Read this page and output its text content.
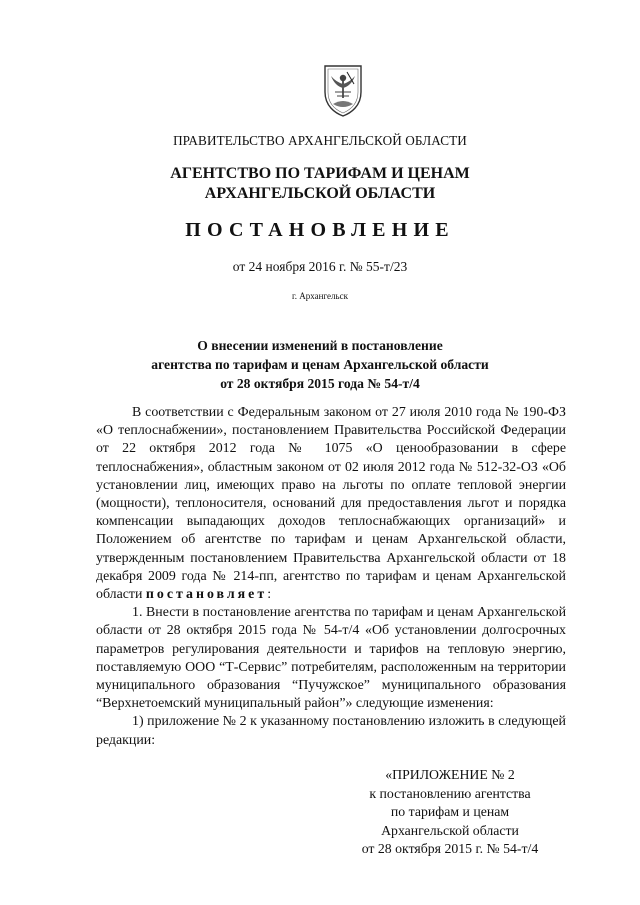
ПРАВИТЕЛЬСТВО АРХАНГЕЛЬСКОЙ ОБЛАСТИ
АГЕНТСТВО ПО ТАРИФАМ И ЦЕНАМ
АРХАНГЕЛЬСКОЙ ОБЛАСТИ
ПОСТАНОВЛЕНИЕ
от 24 ноября 2016 г. № 55-т/23
г. Архангельск
О внесении изменений в постановление
агентства по тарифам и ценам Архангельской области
от 28 октября 2015 года № 54-т/4

В соответствии с Федеральным законом от 27 июля 2010 года № 190-ФЗ «О теплоснабжении», постановлением Правительства Российской Федерации от 22 октября 2012 года № 1075 «О ценообразовании в сфере теплоснабжения», областным законом от 02 июля 2012 года № 512-32-ОЗ «Об установлении лиц, имеющих право на льготы по оплате тепловой энергии (мощности), теплоносителя, оснований для предоставления льгот и порядка компенсации выпадающих доходов теплоснабжающих организаций» и Положением об агентстве по тарифам и ценам Архангельской области, утвержденным постановлением Правительства Архангельской области от 18 декабря 2009 года № 214-пп, агентство по тарифам и ценам Архангельской области постановляет:

1. Внести в постановление агентства по тарифам и ценам Архангельской области от 28 октября 2015 года № 54-т/4 «Об установлении долгосрочных параметров регулирования деятельности и тарифов на тепловую энергию, поставляемую ООО “Т-Сервис” потребителям, расположенным на территории муниципального образования “Пучужское” муниципального образования “Верхнетоемский муниципальный район”» следующие изменения:

1) приложение № 2 к указанному постановлению изложить в следующей редакции:

«ПРИЛОЖЕНИЕ № 2
к постановлению агентства
по тарифам и ценам
Архангельской области
от 28 октября 2015 г. № 54-т/4
